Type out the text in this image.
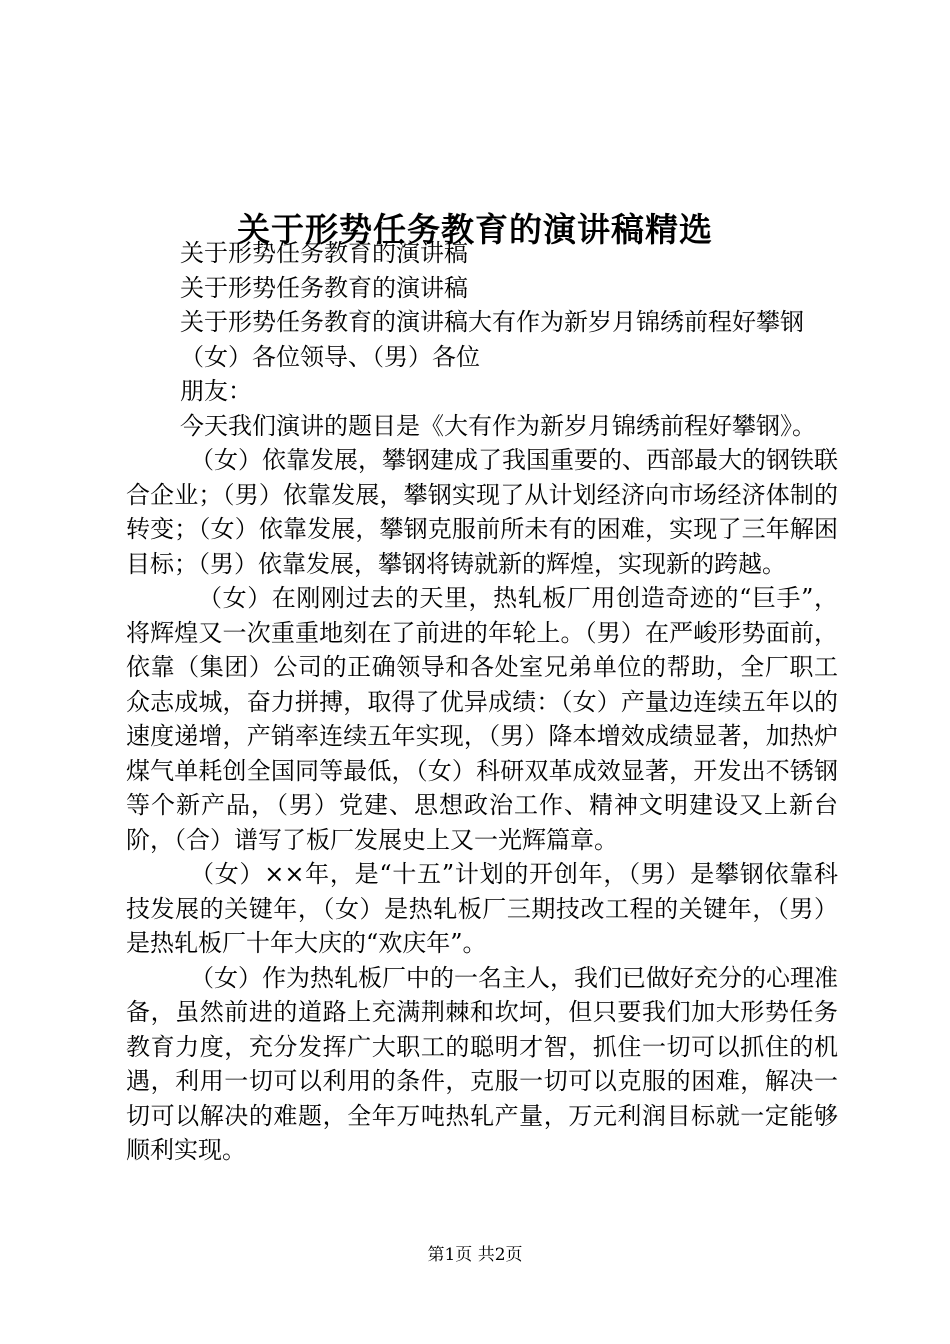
关于形势任务教育的演讲稿精选

关于形势任务教育的演讲稿

关于形势任务教育的演讲稿

关于形势任务教育的演讲稿大有作为新岁月锦绣前程好攀钢

（女）各位领导、（男）各位

朋友：

今天我们演讲的题目是《大有作为新岁月锦绣前程好攀钢》。

（女）依靠发展，攀钢建成了我国重要的、西部最大的钢铁联合企业；（男）依靠发展，攀钢实现了从计划经济向市场经济体制的转变；（女）依靠发展，攀钢克服前所未有的困难，实现了三年解困目标；（男）依靠发展，攀钢将铸就新的辉煌，实现新的跨越。

（女）在刚刚过去的天里，热轧板厂用创造奇迹的“巨手”，将辉煌又一次重重地刻在了前进的年轮上。（男）在严峻形势面前，依靠（集团）公司的正确领导和各处室兄弟单位的帮助，全厂职工众志成城，奋力拼搏，取得了优异成绩：（女）产量边连续五年以的速度递增，产销率连续五年实现，（男）降本增效成绩显著，加热炉煤气单耗创全国同等最低，（女）科研双革成效显著，开发出不锈钢等个新产品，（男）党建、思想政治工作、精神文明建设又上新台阶，（合）谱写了板厂发展史上又一光辉篇章。

（女）××年，是“十五”计划的开创年，（男）是攀钢依靠科技发展的关键年，（女）是热轧板厂三期技改工程的关键年，（男）是热轧板厂十年大庆的“欢庆年”。

（女）作为热轧板厂中的一名主人，我们已做好充分的心理准备，虽然前进的道路上充满荆棘和坎坷，但只要我们加大形势任务教育力度，充分发挥广大职工的聪明才智，抓住一切可以抓住的机遇，利用一切可以利用的条件，克服一切可以克服的困难，解决一切可以解决的难题，全年万吨热轧产量，万元利润目标就一定能够顺利实现。

第1页 共2页
